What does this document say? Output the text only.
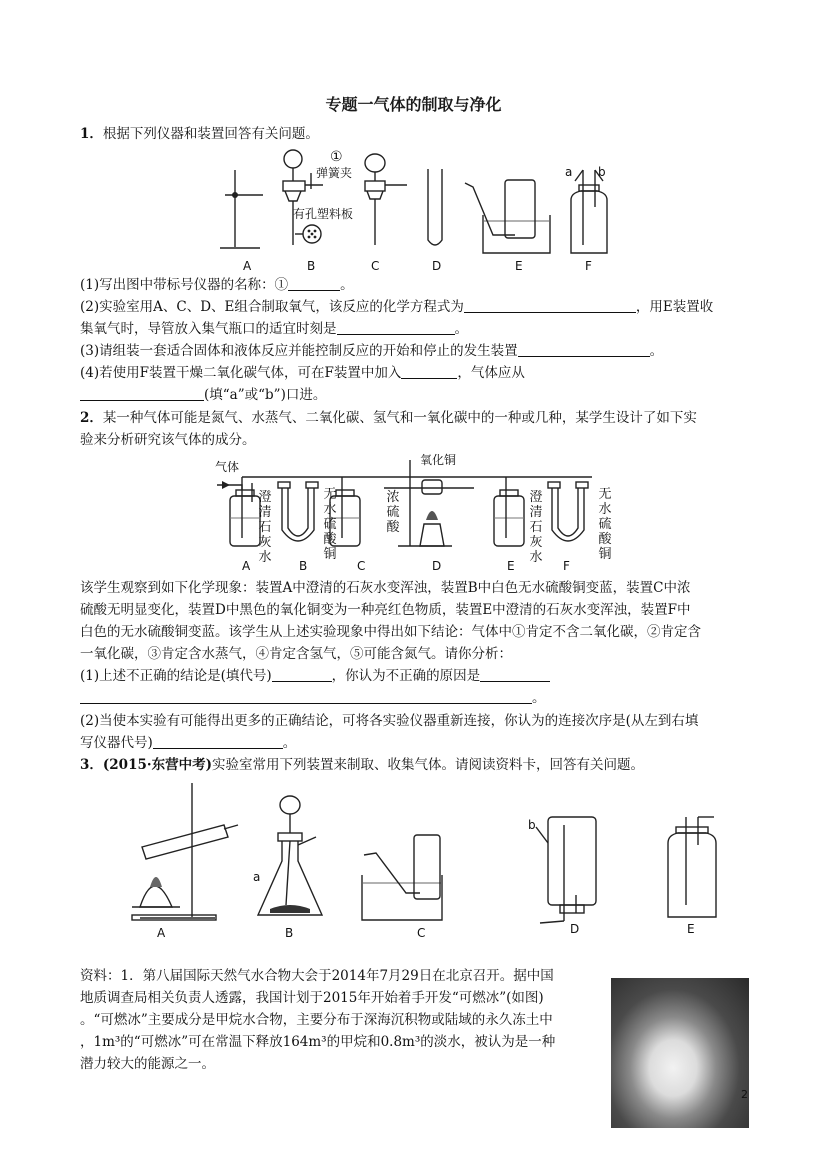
专题一气体的制取与净化
1．根据下列仪器和装置回答有关问题。
①
弹簧夹
有孔塑料板
a b
A	B	C	D	E	F
(1)写出图中带标号仪器的名称：①	。
(2)实验室用A、C、D、E组合制取氧气，该反应的化学方程式为	，用E装置收
集氧气时，导管放入集气瓶口的适宜时刻是	。
(3)请组装一套适合固体和液体反应并能控制反应的开始和停止的发生装置	。
(4)若使用F装置干燥二氧化碳气体，可在F装置中加入	，气体应从
(填“a”或“b”)口进。
2．某一种气体可能是氮气、水蒸气、二氧化碳、氢气和一氧化碳中的一种或几种，某学生设计了如下实
验来分析研究该气体的成分。
气体	氧化铜
澄清石灰水
无水硫酸铜
浓硫酸
澄清石灰水
无水硫酸铜
A	B	C	D	E	F
该学生观察到如下化学现象：装置A中澄清的石灰水变浑浊，装置B中白色无水硫酸铜变蓝，装置C中浓
硫酸无明显变化，装置D中黑色的氧化铜变为一种亮红色物质，装置E中澄清的石灰水变浑浊，装置F中
白色的无水硫酸铜变蓝。该学生从上述实验现象中得出如下结论：气体中①肯定不含二氧化碳，②肯定含
一氧化碳，③肯定含水蒸气，④肯定含氢气，⑤可能含氮气。请你分析：
(1)上述不正确的结论是(填代号)	，你认为不正确的原因是
。
(2)当使本实验有可能得出更多的正确结论，可将各实验仪器重新连接，你认为的连接次序是(从左到右填
写仪器代号)	。
3．(2015·东营中考)实验室常用下列装置来制取、收集气体。请阅读资料卡，回答有关问题。
a
b
A	B	C	D	E
资料：1．第八届国际天然气水合物大会于2014年7月29日在北京召开。据中国
地质调查局相关负责人透露，我国计划于2015年开始着手开发“可燃冰”(如图)
。“可燃冰”主要成分是甲烷水合物，主要分布于深海沉积物或陆域的永久冻土中
，1m³的“可燃冰”可在常温下释放164m³的甲烷和0.8m³的淡水，被认为是一种
潜力较大的能源之一。
2
